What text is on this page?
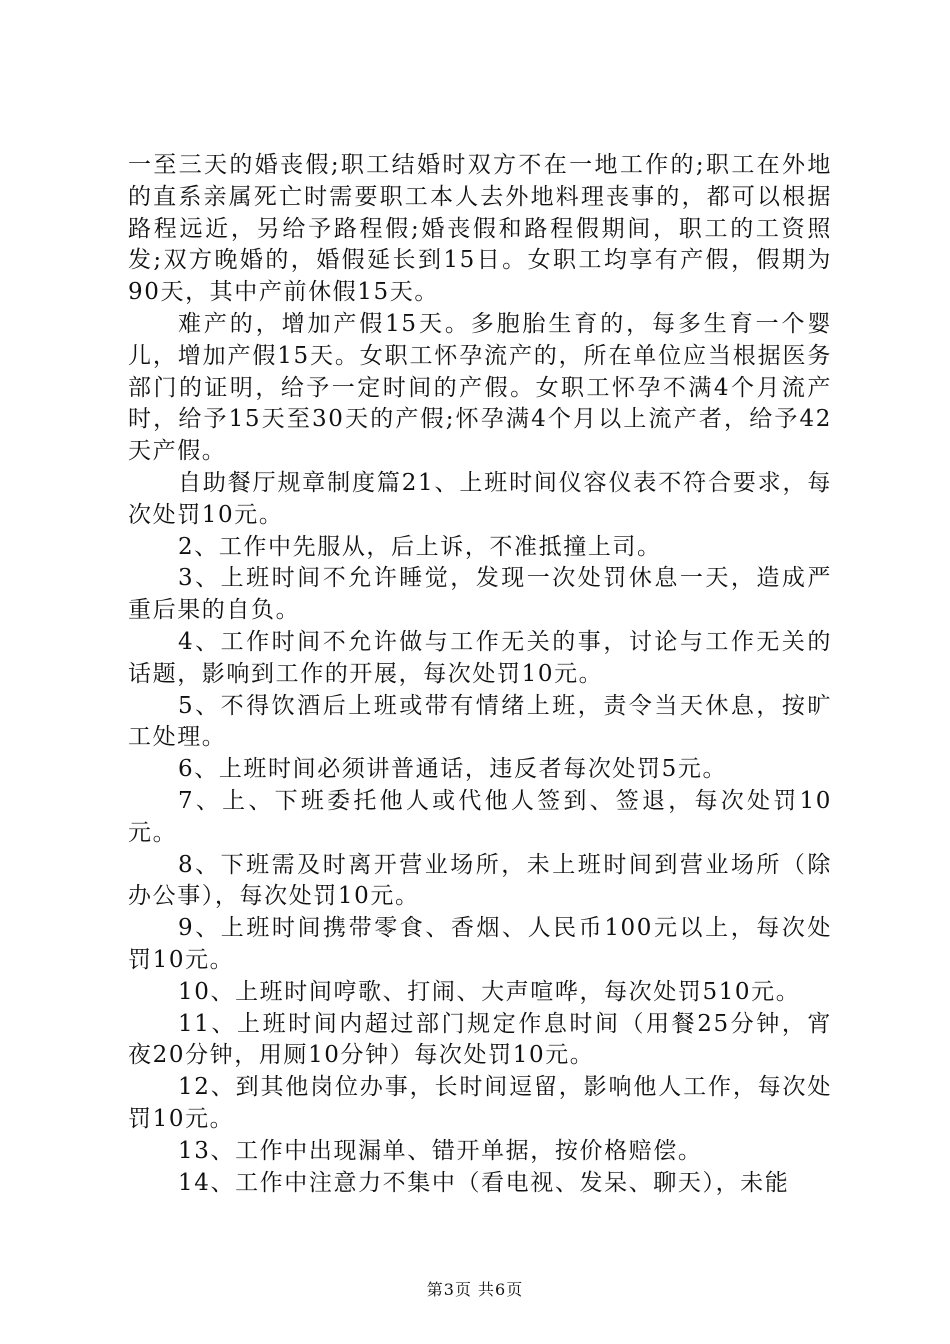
一至三天的婚丧假;职工结婚时双方不在一地工作的;职工在外地的直系亲属死亡时需要职工本人去外地料理丧事的，都可以根据路程远近，另给予路程假;婚丧假和路程假期间，职工的工资照发;双方晚婚的，婚假延长到15日。女职工均享有产假，假期为90天，其中产前休假15天。

难产的，增加产假15天。多胞胎生育的，每多生育一个婴儿，增加产假15天。女职工怀孕流产的，所在单位应当根据医务部门的证明，给予一定时间的产假。女职工怀孕不满4个月流产时，给予15天至30天的产假;怀孕满4个月以上流产者，给予42天产假。

自助餐厅规章制度篇21、上班时间仪容仪表不符合要求，每次处罚10元。

2、工作中先服从，后上诉，不准抵撞上司。

3、上班时间不允许睡觉，发现一次处罚休息一天，造成严重后果的自负。

4、工作时间不允许做与工作无关的事，讨论与工作无关的话题，影响到工作的开展，每次处罚10元。

5、不得饮酒后上班或带有情绪上班，责令当天休息，按旷工处理。

6、上班时间必须讲普通话，违反者每次处罚5元。

7、上、下班委托他人或代他人签到、签退，每次处罚10元。

8、下班需及时离开营业场所，未上班时间到营业场所（除办公事），每次处罚10元。

9、上班时间携带零食、香烟、人民币100元以上，每次处罚10元。

10、上班时间哼歌、打闹、大声喧哗，每次处罚510元。

11、上班时间内超过部门规定作息时间（用餐25分钟，宵夜20分钟，用厕10分钟）每次处罚10元。

12、到其他岗位办事，长时间逗留，影响他人工作，每次处罚10元。

13、工作中出现漏单、错开单据，按价格赔偿。

14、工作中注意力不集中（看电视、发呆、聊天），未能

第3页 共6页
